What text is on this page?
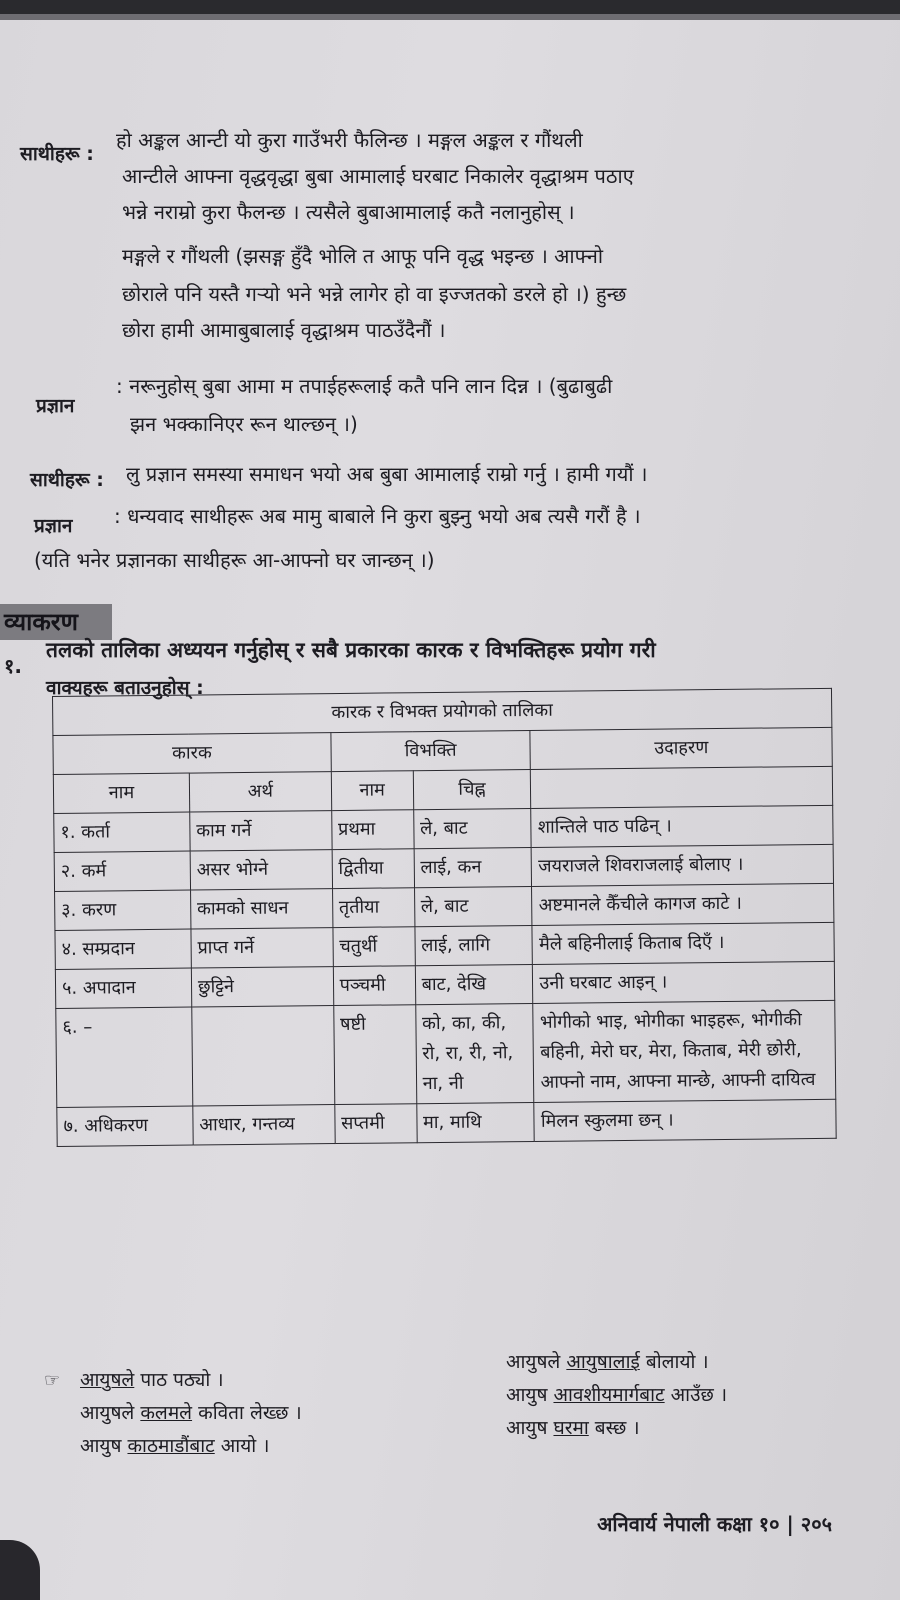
साथीहरू :
हो अङ्कल आन्टी यो कुरा गाउँभरी फैलिन्छ । मङ्गल अङ्कल र गौंथली
आन्टीले आफ्ना वृद्धवृद्धा बुबा आमालाई घरबाट निकालेर वृद्धाश्रम पठाए
भन्ने नराम्रो कुरा फैलन्छ । त्यसैले बुबाआमालाई कतै नलानुहोस् ।
मङ्गले र गौंथली (झसङ्ग हुँदै भोलि त आफू पनि वृद्ध भइन्छ । आफ्नो
छोराले पनि यस्तै गऱ्यो भने भन्ने लागेर हो वा इज्जतको डरले हो ।) हुन्छ
छोरा हामी आमाबुबालाई वृद्धाश्रम पाठउँदैनौं ।
प्रज्ञान
: नरूनुहोस् बुबा आमा म तपाईहरूलाई कतै पनि लान दिन्न । (बुढाबुढी
झन भक्कानिएर रून थाल्छन् ।)
साथीहरू : लु प्रज्ञान समस्या समाधन भयो अब बुबा आमालाई राम्रो गर्नु । हामी गयौं ।
प्रज्ञान : धन्यवाद साथीहरू अब मामु बाबाले नि कुरा बुझ्नु भयो अब त्यसै गरौं है ।
(यति भनेर प्रज्ञानका साथीहरू आ-आफ्नो घर जान्छन् ।)
व्याकरण
१.
तलको तालिका अध्ययन गर्नुहोस् र सबै प्रकारका कारक र विभक्तिहरू प्रयोग गरी
वाक्यहरू बताउनुहोस् :
कारक र विभक्त प्रयोगको तालिका				
कारक		विभक्ति		उदाहरण
नाम	अर्थ	नाम	चिह्न	
१. कर्ता	काम गर्ने	प्रथमा	ले, बाट	शान्तिले पाठ पढिन् ।
२. कर्म	असर भोग्ने	द्वितीया	लाई, कन	जयराजले शिवराजलाई बोलाए ।
३. करण	कामको साधन	तृतीया	ले, बाट	अष्टमानले कैँचीले कागज काटे ।
४. सम्प्रदान	प्राप्त गर्ने	चतुर्थी	लाई, लागि	मैले बहिनीलाई किताब दिएँ ।
५. अपादान	छुट्टिने	पञ्चमी	बाट, देखि	उनी घरबाट आइन् ।
६. –		षष्टी	को, का, की, रो, रा, री, नो, ना, नी	भोगीको भाइ, भोगीका भाइहरू, भोगीकी बहिनी, मेरो घर, मेरा, किताब, मेरी छोरी, आफ्नो नाम, आफ्ना मान्छे, आफ्नी दायित्व
७. अधिकरण	आधार, गन्तव्य	सप्तमी	मा, माथि	मिलन स्कुलमा छन् ।
☞ आयुषले पाठ पठ्यो ।
आयुषले कलमले कविता लेख्छ ।
आयुष काठमाडौंबाट आयो ।
आयुषले आयुषालाई बोलायो ।
आयुष आवशीयमार्गबाट आउँछ ।
आयुष घरमा बस्छ ।
अनिवार्य नेपाली कक्षा १० | २०५
